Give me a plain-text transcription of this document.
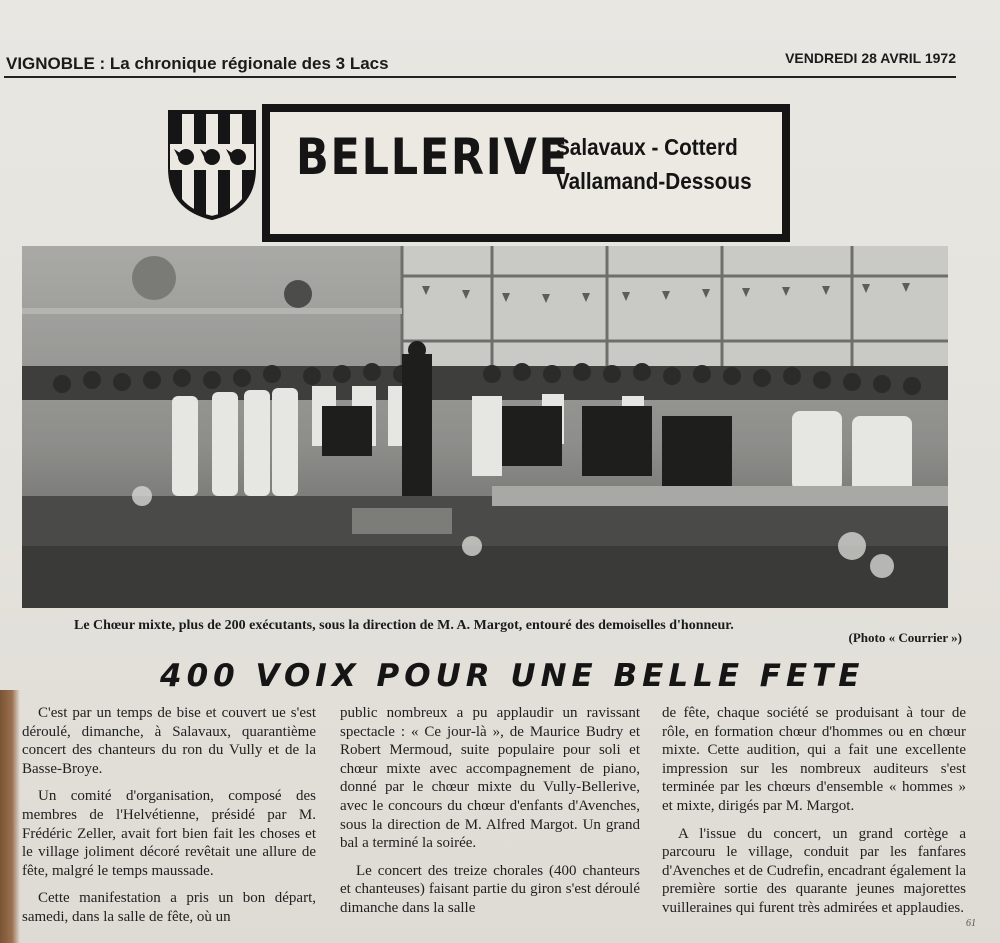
VIGNOBLE : La chronique régionale des 3 Lacs	VENDREDI 28 AVRIL 1972
BELLERIVE
Salavaux - Cotterd
Vallamand-Dessous
Le Chœur mixte, plus de 200 exécutants, sous la direction de M. A. Margot, entouré des demoiselles d'honneur.
(Photo « Courrier »)
400 VOIX POUR UNE BELLE FETE

C'est par un temps de bise et couvert ue s'est déroulé, dimanche, à Salavaux, quarantième concert des chanteurs du ron du Vully et de la Basse-Broye.

Un comité d'organisation, composé des membres de l'Helvétienne, présidé par M. Frédéric Zeller, avait fort bien fait les choses et le village joliment décoré revêtait une allure de fête, malgré le temps maussade.

Cette manifestation a pris un bon départ, samedi, dans la salle de fête, où un

public nombreux a pu applaudir un ravissant spectacle : « Ce jour-là », de Maurice Budry et Robert Mermoud, suite populaire pour soli et chœur mixte avec accompagnement de piano, donné par le chœur mixte du Vully-Bellerive, avec le concours du chœur d'enfants d'Avenches, sous la direction de M. Alfred Margot. Un grand bal a terminé la soirée.

Le concert des treize chorales (400 chanteurs et chanteuses) faisant partie du giron s'est déroulé dimanche dans la salle

de fête, chaque société se produisant à tour de rôle, en formation chœur d'hommes ou en chœur mixte. Cette audition, qui a fait une excellente impression sur les nombreux auditeurs s'est terminée par les chœurs d'ensemble « hommes » et mixte, dirigés par M. Margot.

A l'issue du concert, un grand cortège a parcouru le village, conduit par les fanfares d'Avenches et de Cudrefin, encadrant également la première sortie des quarante jeunes majorettes vuilleraines qui furent très admirées et applaudies.

61
